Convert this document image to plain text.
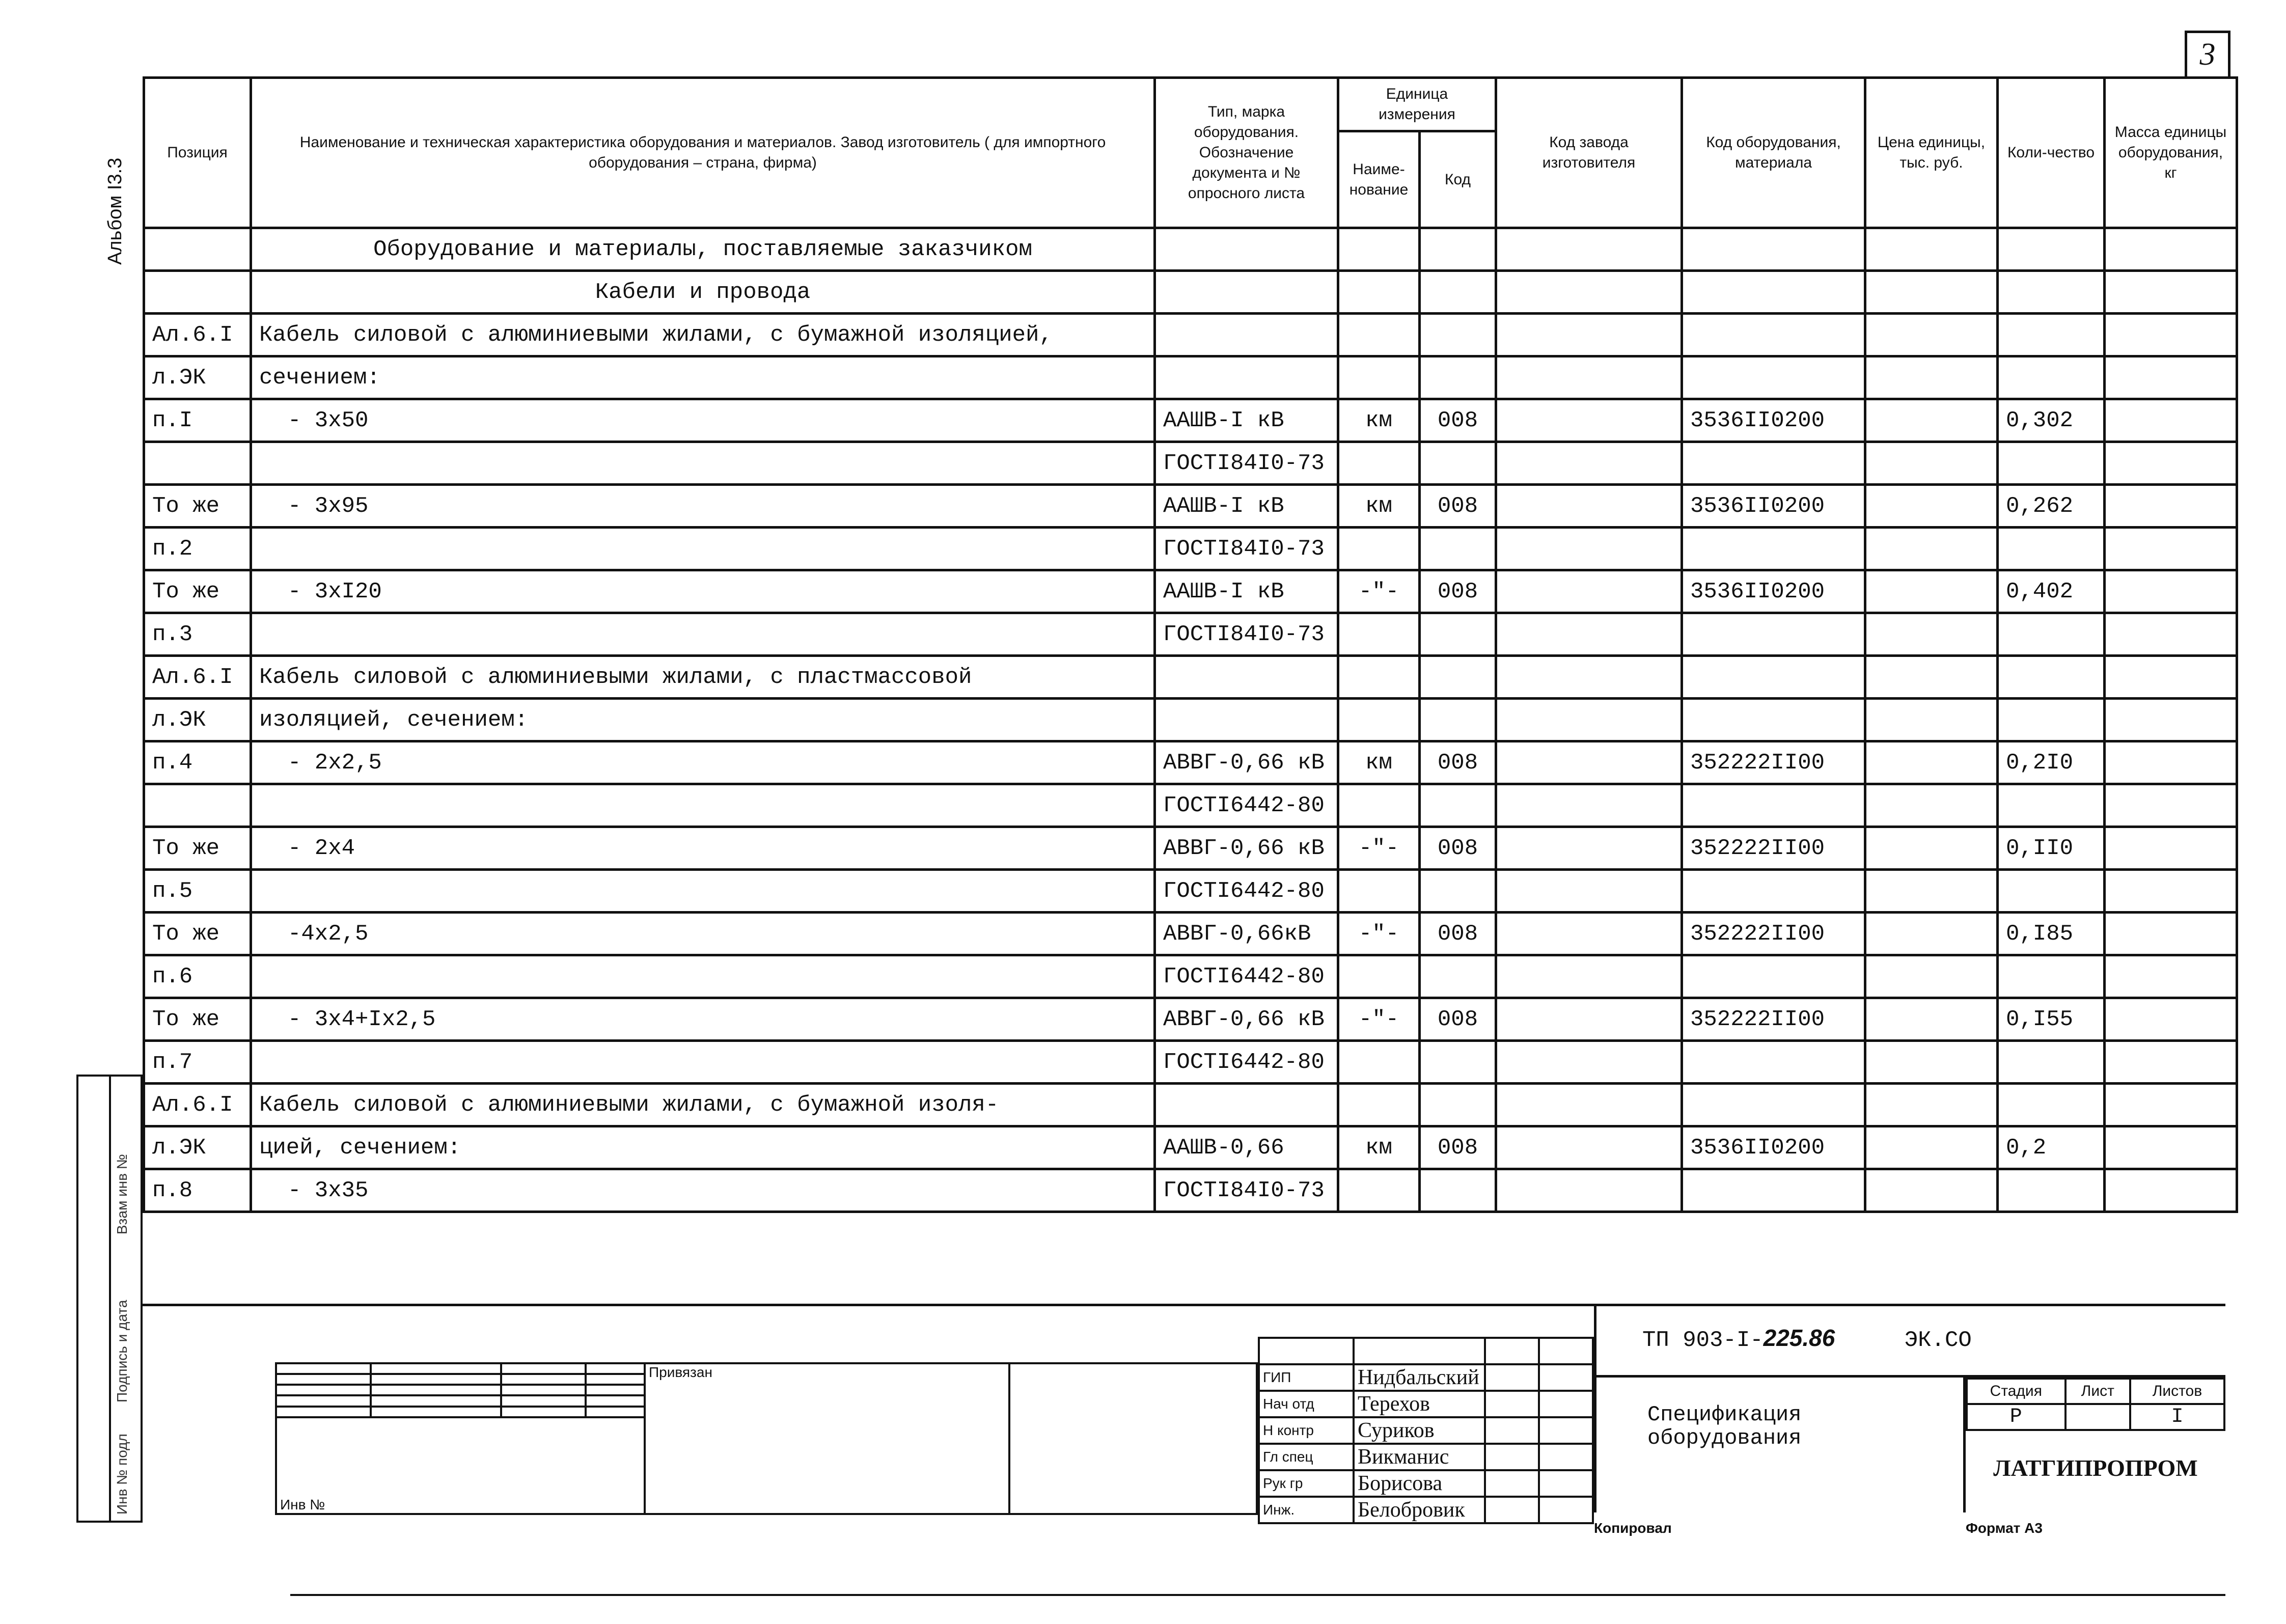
3
Альбом I3.3
Взам инв №
Подпись и дата
Инв № подл
Позиция	Наименование и техническая характеристика оборудования и материалов. Завод изготовитель ( для импортного оборудования – страна, фирма)	Тип, марка оборудования. Обозначение документа и № опросного листа	Единица измерения		Код завода изготовителя	Код оборудования, материала	Цена единицы, тыс. руб.	Коли-чество	Масса единицы оборудования, кг
			Наиме-нование	Код					
	Оборудование и материалы, поставляемые заказчиком								
	Кабели и провода								
Ал.6.I	Кабель силовой с алюминиевыми жилами, с бумажной изоляцией,								
л.ЭК	сечением:								
п.I	- 3х50	ААШВ-I кВ	км	008		3536II0200		0,302	
		ГОСТI84I0-73							
То же	- 3х95	ААШВ-I кВ	км	008		3536II0200		0,262	
п.2		ГОСТI84I0-73							
То же	- 3хI20	ААШВ-I кВ	-"-	008		3536II0200		0,402	
п.3		ГОСТI84I0-73							
Ал.6.I	Кабель силовой с алюминиевыми жилами, с пластмассовой								
л.ЭК	изоляцией, сечением:								
п.4	- 2х2,5	АВВГ-0,66 кВ	км	008		352222II00		0,2I0	
		ГОСТI6442-80							
То же	- 2х4	АВВГ-0,66 кВ	-"-	008		352222II00		0,II0	
п.5		ГОСТI6442-80							
То же	-4х2,5	АВВГ-0,66кВ	-"-	008		352222II00		0,I85	
п.6		ГОСТI6442-80							
То же	- 3х4+Iх2,5	АВВГ-0,66 кВ	-"-	008		352222II00		0,I55	
п.7		ГОСТI6442-80							
Ал.6.I	Кабель силовой с алюминиевыми жилами, с бумажной изоля-								
л.ЭК	цией, сечением:	ААШВ-0,66	км	008		3536II0200		0,2	
п.8	- 3х35	ГОСТI84I0-73							
				Привязан	

Инв №					

ГИП	Нидбальский		
Нач отд	Терехов		
Н контр	Суриков		
Гл спец	Викманис		
Рук гр	Борисова		
Инж.	Белобровик		
ТП 903-I-225.86	ЭК.СО
Спецификация оборудования
Стадия	Лист	Листов
Р		I
ЛАТГИПРОПРОМ
Копировал	Формат А3
